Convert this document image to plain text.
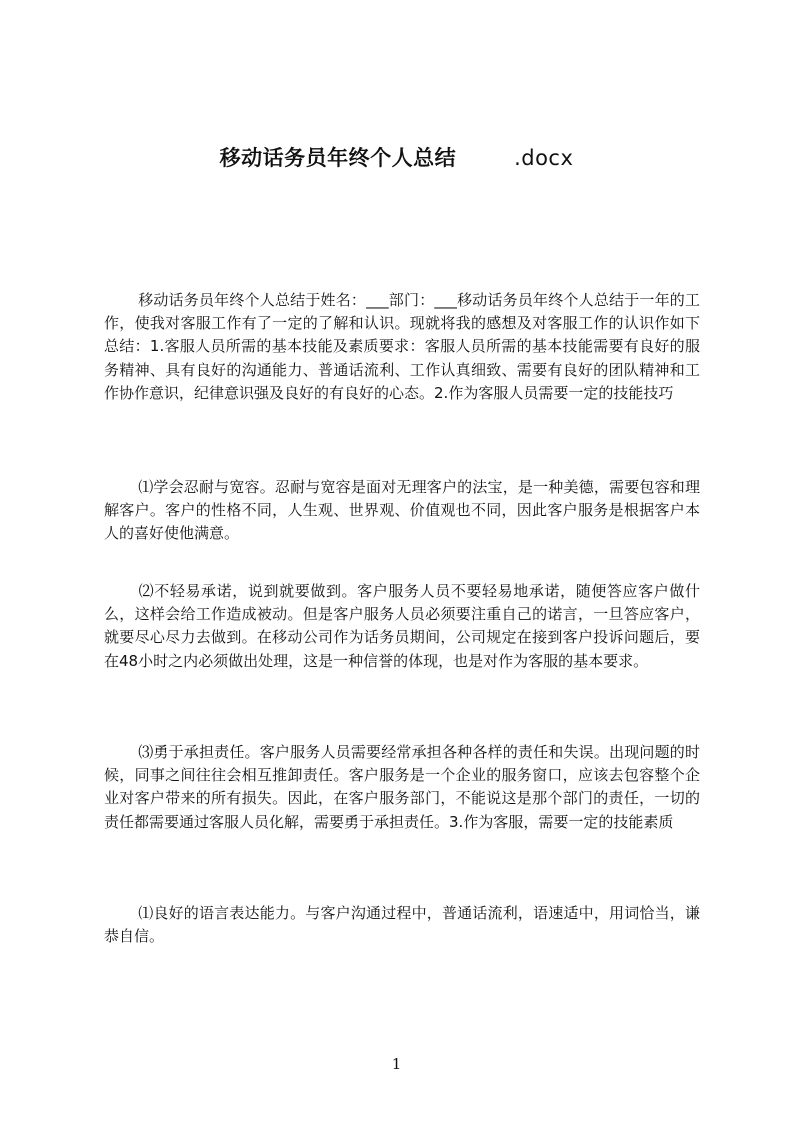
移动话务员年终个人总结	.docx

移动话务员年终个人总结于姓名：___部门：___移动话务员年终个人总结于一年的工作，使我对客服工作有了一定的了解和认识。现就将我的感想及对客服工作的认识作如下总结：1.客服人员所需的基本技能及素质要求：客服人员所需的基本技能需要有良好的服务精神、具有良好的沟通能力、普通话流利、工作认真细致、需要有良好的团队精神和工作协作意识，纪律意识强及良好的有良好的心态。2.作为客服人员需要一定的技能技巧

⑴学会忍耐与宽容。忍耐与宽容是面对无理客户的法宝，是一种美德，需要包容和理解客户。客户的性格不同，人生观、世界观、价值观也不同，因此客户服务是根据客户本人的喜好使他满意。

⑵不轻易承诺，说到就要做到。客户服务人员不要轻易地承诺，随便答应客户做什么，这样会给工作造成被动。但是客户服务人员必须要注重自己的诺言，一旦答应客户，就要尽心尽力去做到。在移动公司作为话务员期间，公司规定在接到客户投诉问题后，要在48小时之内必须做出处理，这是一种信誉的体现，也是对作为客服的基本要求。

⑶勇于承担责任。客户服务人员需要经常承担各种各样的责任和失误。出现问题的时候，同事之间往往会相互推卸责任。客户服务是一个企业的服务窗口，应该去包容整个企业对客户带来的所有损失。因此，在客户服务部门，不能说这是那个部门的责任，一切的责任都需要通过客服人员化解，需要勇于承担责任。3.作为客服，需要一定的技能素质

⑴良好的语言表达能力。与客户沟通过程中，普通话流利，语速适中，用词恰当，谦恭自信。

1
